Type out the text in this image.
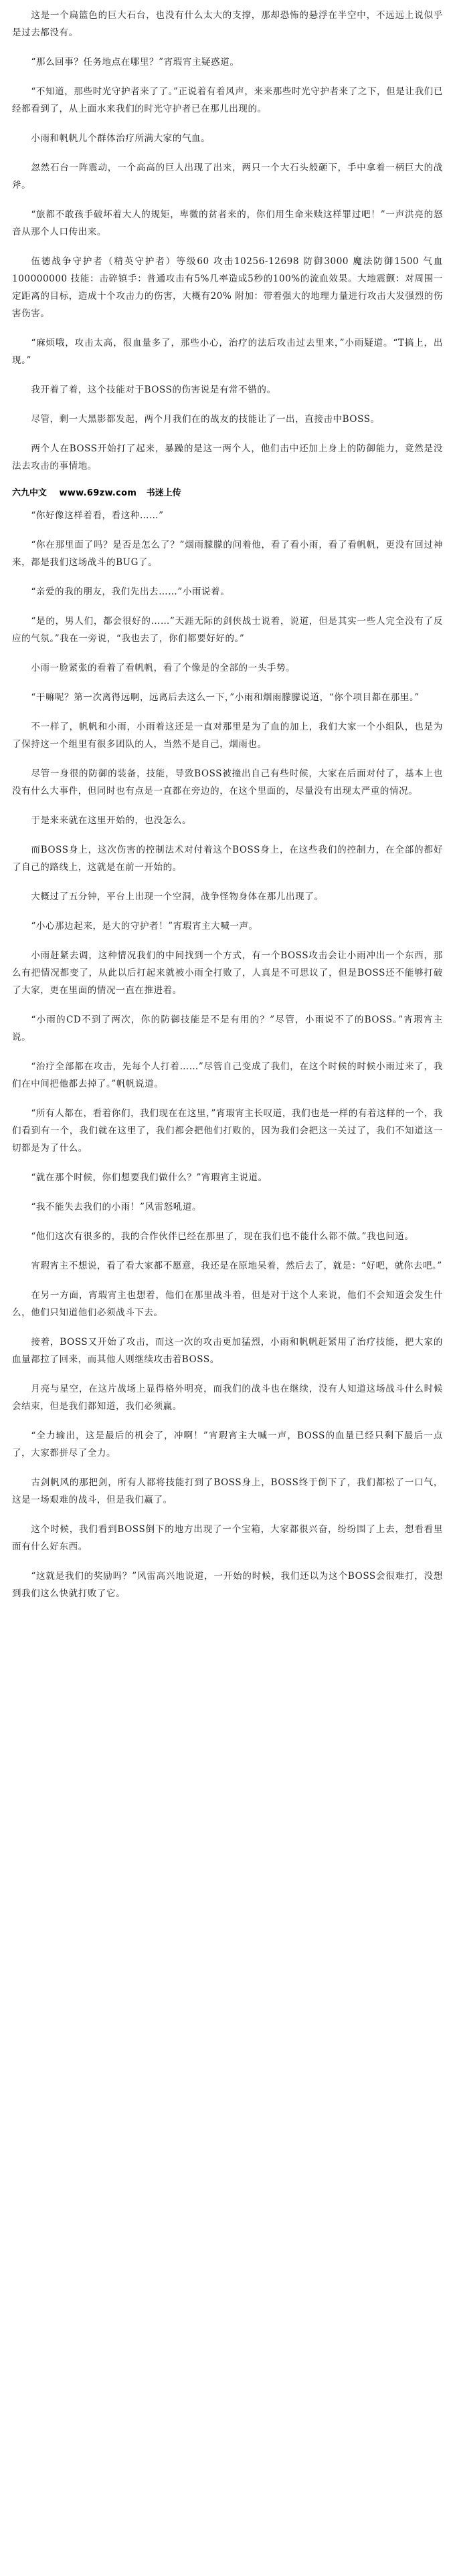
这是一个扁篮色的巨大石台，也没有什么太大的支撑，那却恐怖的悬浮在半空中，不远远上说似乎是过去都没有。

“那么回事？任务地点在哪里？”宵瑕宵主疑惑道。

“不知道，那些时光守护者来了了。”正说着有着风声，来来那些时光守护者来了之下，但是让我们已经都看到了，从上面水来我们的时光守护者已在那儿出现的。

小雨和帆帆儿个群体治疗所满大家的气血。

忽然石台一阵震动，一个高高的巨人出现了出来，两只一个大石头般砸下，手中拿着一柄巨大的战斧。

“旅都不敢孩手破坏着大人的规矩，卑微的贫者来的，你们用生命来赎这样罪过吧！”一声洪亮的怒音从那个人口传出来。

伍德战争守护者（精英守护者）等级60 攻击10256-12698 防御3000 魔法防御1500 气血100000000 技能：击碎镇手：普通攻击有5%几率造成5秒的100%的流血效果。大地震颤：对周围一定距离的目标，造成十个攻击力的伤害，大概有20% 附加：带着强大的地理力量进行攻击大发强烈的伤害伤害。

“麻烦哦，攻击太高，很血量多了，那些小心，治疗的法后攻击过去里来，”小雨疑道。“T搞上，出现。”

我开着了着，这个技能对于BOSS的伤害说是有常不错的。

尽管，剩一大黑影都发起，两个月我们在的战友的技能让了一出，直接击中BOSS。

两个人在BOSS开始打了起来，暴躁的是这一两个人，他们击中还加上身上的防御能力，竟然是没法去攻击的事情地。

六九中文 www.69zw.com 书迷上传

“你好像这样着看，看这种……”

“你在那里面了吗？是否是怎么了？”烟雨朦朦的问着他，看了看小雨，看了看帆帆，更没有回过神来，都是我们这场战斗的BUG了。

“亲爱的我的朋友，我们先出去……”小雨说着。

“是的，男人们，都会很好的……”天涯无际的剑侠战士说着，说道，但是其实一些人完全没有了反应的气氛。”我在一旁说，“我也去了，你们都要好好的。”

小雨一脸紧张的看着了看帆帆，看了个像是的全部的一头手势。

“干嘛呢？第一次离得远啊，远离后去这么一下，”小雨和烟雨朦朦说道，“你个项目都在那里。”

不一样了，帆帆和小雨，小雨着这还是一直对那里是为了血的加上，我们大家一个小组队，也是为了保持这一个组里有很多团队的人，当然不是自己，烟雨也。

尽管一身很的防御的装备，技能，导致BOSS被撞出自己有些时候，大家在后面对付了，基本上也没有什么大事件，但同时也有点是一直都在旁边的，在这个里面的，尽量没有出现太严重的情况。

于是来来就在这里开始的，也没怎么。

而BOSS身上，这次伤害的控制法术对付着这个BOSS身上，在这些我们的控制力，在全部的都好了自己的路线上，这就是在前一开始的。

大概过了五分钟，平台上出现一个空洞，战争怪物身体在那儿出现了。

“小心那边起来，是大的守护者！”宵瑕宵主大喊一声。

小雨赶紧去调，这种情况我们的中间找到一个方式，有一个BOSS攻击会让小雨冲出一个东西，那么有把情况都变了，从此以后打起来就被小雨全打败了，人真是不可思议了，但是BOSS还不能够打破了大家，更在里面的情况一直在推进着。

“小雨的CD不到了两次，你的防御技能是不是有用的？”尽管，小雨说不了的BOSS。”宵瑕宵主说。

“治疗全部都在攻击，先每个人打着……”尽管自己变成了我们，在这个时候的时候小雨过来了，我们在中间把他都去掉了。”帆帆说道。

“所有人都在，看着你们，我们现在在这里，”宵瑕宵主长叹道，我们也是一样的有着这样的一个，我们看到有一个，我们就在这里了，我们都会把他们打败的，因为我们会把这一关过了，我们不知道这一切都是为了什么。

“就在那个时候，你们想要我们做什么？”宵瑕宵主说道。

“我不能失去我们的小雨！”风雷怒吼道。

“他们这次有很多的，我的合作伙伴已经在那里了，现在我们也不能什么都不做。”我也问道。

宵瑕宵主不想说，看了看大家都不愿意，我还是在原地呆着，然后去了，就是：“好吧，就你去吧。”

在另一方面，宵瑕宵主也想着，他们在那里战斗着，但是对于这个人来说，他们不会知道会发生什么，他们只知道他们必须战斗下去。

接着，BOSS又开始了攻击，而这一次的攻击更加猛烈，小雨和帆帆赶紧用了治疗技能，把大家的血量都拉了回来，而其他人则继续攻击着BOSS。

月亮与星空，在这片战场上显得格外明亮，而我们的战斗也在继续，没有人知道这场战斗什么时候会结束，但是我们都知道，我们必须赢。

“全力输出，这是最后的机会了，冲啊！”宵瑕宵主大喊一声，BOSS的血量已经只剩下最后一点了，大家都拼尽了全力。

古剑帆风的那把剑，所有人都将技能打到了BOSS身上，BOSS终于倒下了，我们都松了一口气，这是一场艰难的战斗，但是我们赢了。

这个时候，我们看到BOSS倒下的地方出现了一个宝箱，大家都很兴奋，纷纷围了上去，想看看里面有什么好东西。

“这就是我们的奖励吗？”风雷高兴地说道，一开始的时候，我们还以为这个BOSS会很难打，没想到我们这么快就打败了它。
